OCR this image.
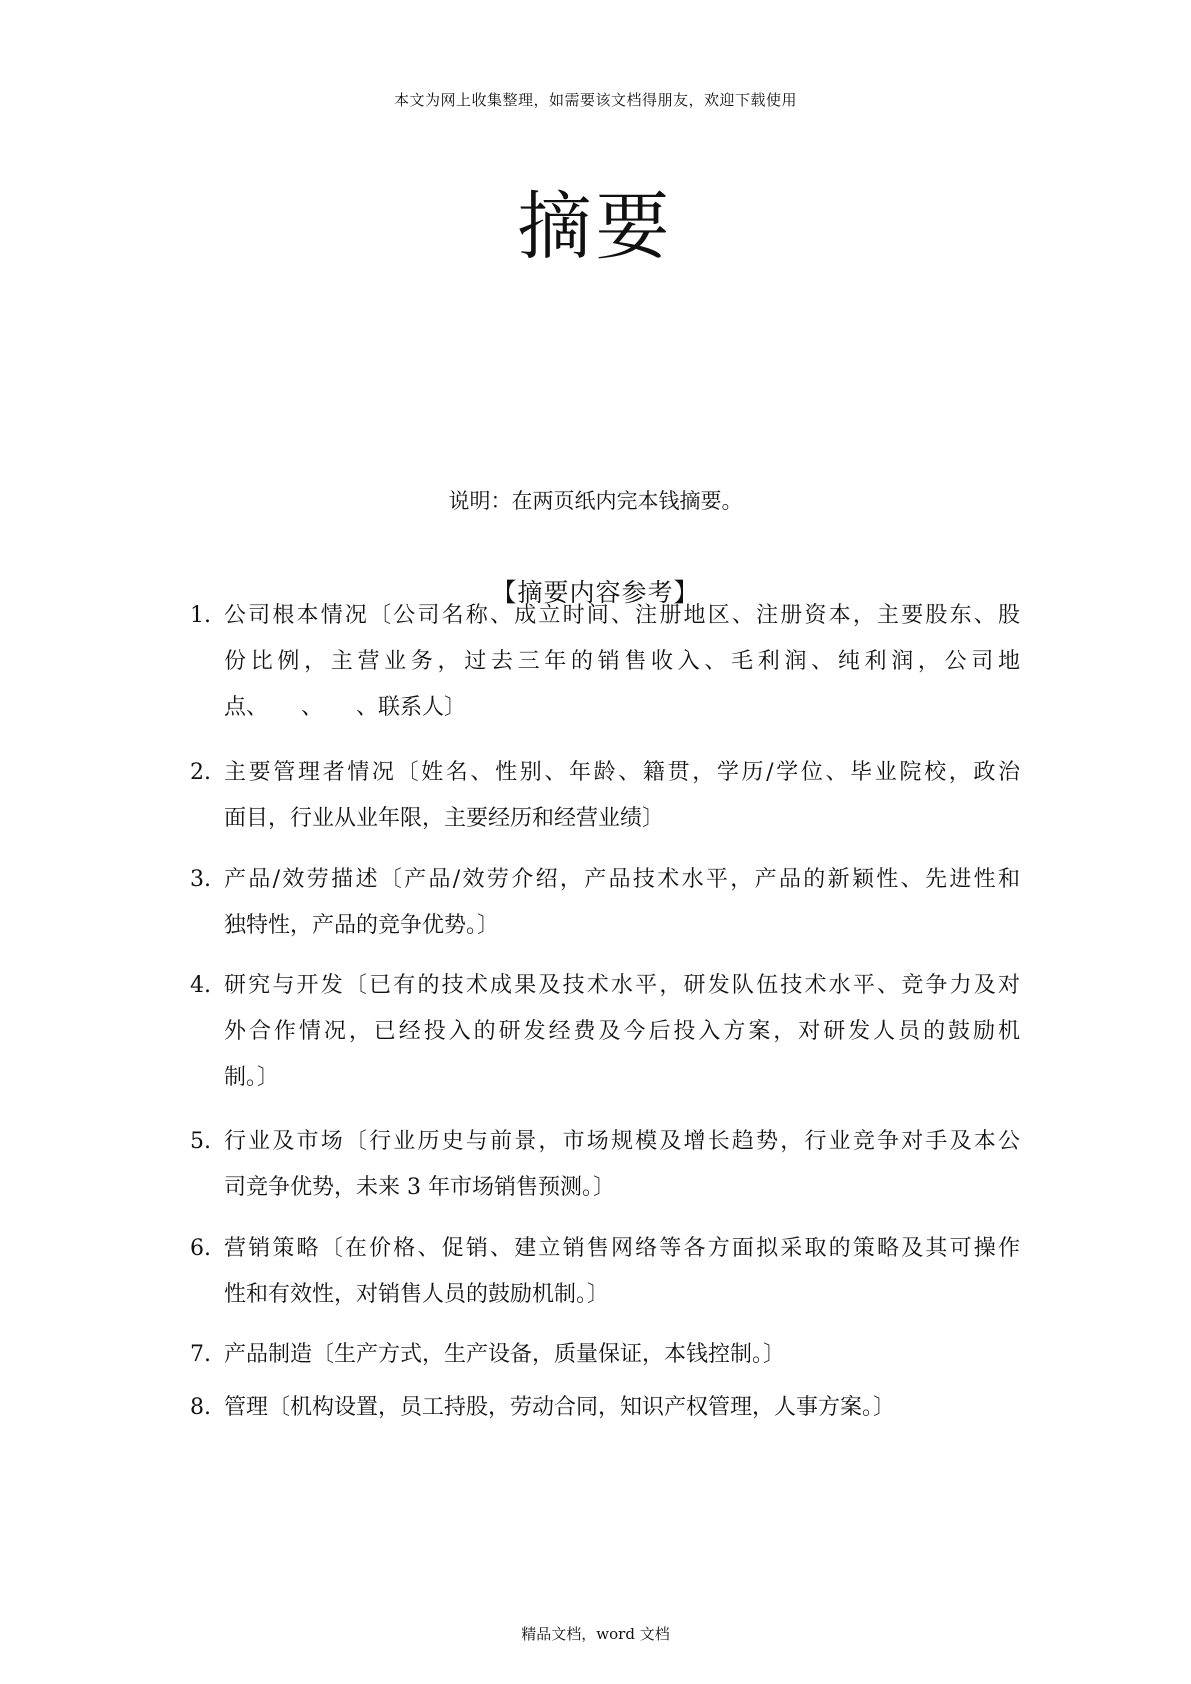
本文为网上收集整理，如需要该文档得朋友，欢迎下载使用
摘要
说明：在两页纸内完本钱摘要。
【摘要内容参考】
1. 公司根本情况〔公司名称、成立时间、注册地区、注册资本，主要股东、股
份比例，主营业务，过去三年的销售收入、毛利润、纯利润，公司地
点、　　、　　、联系人〕
2. 主要管理者情况〔姓名、性别、年龄、籍贯，学历/学位、毕业院校，政治
面目，行业从业年限，主要经历和经营业绩〕
3. 产品/效劳描述〔产品/效劳介绍，产品技术水平，产品的新颖性、先进性和
独特性，产品的竞争优势。〕
4. 研究与开发〔已有的技术成果及技术水平，研发队伍技术水平、竞争力及对
外合作情况，已经投入的研发经费及今后投入方案，对研发人员的鼓励机
制。〕
5. 行业及市场〔行业历史与前景，市场规模及增长趋势，行业竞争对手及本公
司竞争优势，未来 3 年市场销售预测。〕
6. 营销策略〔在价格、促销、建立销售网络等各方面拟采取的策略及其可操作
性和有效性，对销售人员的鼓励机制。〕
7. 产品制造〔生产方式，生产设备，质量保证，本钱控制。〕
8. 管理〔机构设置，员工持股，劳动合同，知识产权管理，人事方案。〕
精品文档，word 文档
